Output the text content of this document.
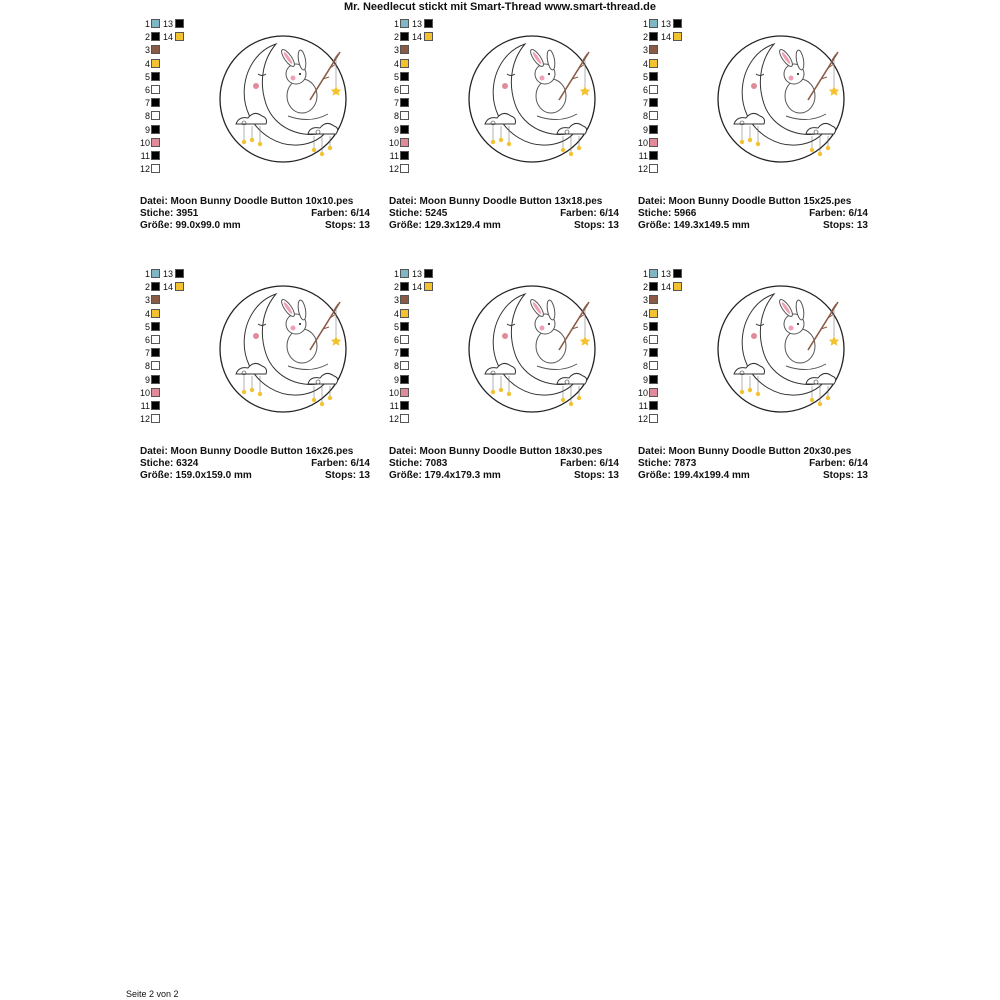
Mr. Needlecut stickt mit Smart-Thread www.smart-thread.de
1 13
2 14
3
4
5
6
7
8
9
10
11
12
Datei: Moon Bunny Doodle Button 10x10.pes
Stiche: 3951	Farben: 6/14
Größe: 99.0x99.0 mm	Stops: 13
1 13
2 14
3
4
5
6
7
8
9
10
11
12
Datei: Moon Bunny Doodle Button 13x18.pes
Stiche: 5245	Farben: 6/14
Größe: 129.3x129.4 mm	Stops: 13
1 13
2 14
3
4
5
6
7
8
9
10
11
12
Datei: Moon Bunny Doodle Button 15x25.pes
Stiche: 5966	Farben: 6/14
Größe: 149.3x149.5 mm	Stops: 13
1 13
2 14
3
4
5
6
7
8
9
10
11
12
Datei: Moon Bunny Doodle Button 16x26.pes
Stiche: 6324	Farben: 6/14
Größe: 159.0x159.0 mm	Stops: 13
1 13
2 14
3
4
5
6
7
8
9
10
11
12
Datei: Moon Bunny Doodle Button 18x30.pes
Stiche: 7083	Farben: 6/14
Größe: 179.4x179.3 mm	Stops: 13
1 13
2 14
3
4
5
6
7
8
9
10
11
12
Datei: Moon Bunny Doodle Button 20x30.pes
Stiche: 7873	Farben: 6/14
Größe: 199.4x199.4 mm	Stops: 13
Seite 2 von 2
